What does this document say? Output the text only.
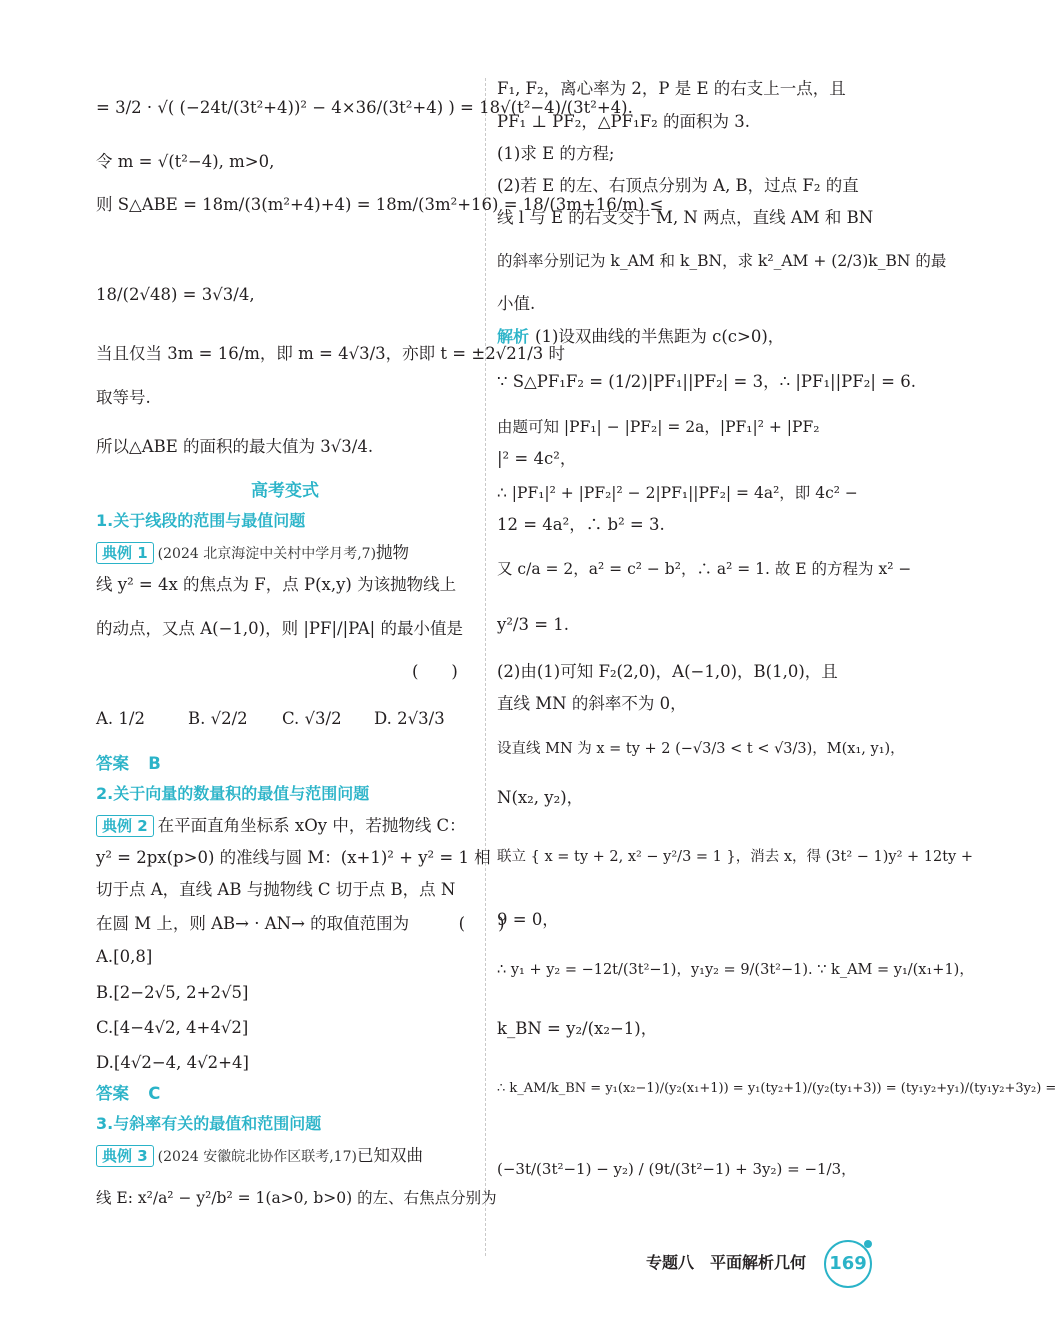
= 3/2 · √( (−24t/(3t²+4))² − 4×36/(3t²+4) ) = 18√(t²−4)/(3t²+4).
令 m = √(t²−4), m>0,
则 S△ABE = 18m/(3(m²+4)+4) = 18m/(3m²+16) = 18/(3m+16/m) ≤
18/(2√48) = 3√3/4,
当且仅当 3m = 16/m，即 m = 4√3/3，亦即 t = ±2√21/3 时
取等号.
所以△ABE 的面积的最大值为 3√3/4.
高考变式
1.关于线段的范围与最值问题
典例 1 (2024 北京海淀中关村中学月考,7)抛物
线 y² = 4x 的焦点为 F，点 P(x,y) 为该抛物线上
的动点，又点 A(−1,0)，则 |PF|/|PA| 的最小值是
(　　)
A. 1/2	B. √2/2 C. √3/2 D. 2√3/3
答案 B
2.关于向量的数量积的最值与范围问题
典例 2 在平面直角坐标系 xOy 中，若抛物线 C：
y² = 2px(p>0) 的准线与圆 M：(x+1)² + y² = 1 相
切于点 A，直线 AB 与抛物线 C 切于点 B，点 N
在圆 M 上，则 AB→ · AN→ 的取值范围为　　　(　　)
A.[0,8]
B.[2−2√5, 2+2√5]
C.[4−4√2, 4+4√2]
D.[4√2−4, 4√2+4]
答案 C
3.与斜率有关的最值和范围问题
典例 3 (2024 安徽皖北协作区联考,17)已知双曲
线 E: x²/a² − y²/b² = 1(a>0, b>0) 的左、右焦点分别为
F₁, F₂，离心率为 2，P 是 E 的右支上一点，且
PF₁ ⊥ PF₂，△PF₁F₂ 的面积为 3.
(1)求 E 的方程;
(2)若 E 的左、右顶点分别为 A, B，过点 F₂ 的直
线 l 与 E 的右支交于 M, N 两点，直线 AM 和 BN
的斜率分别记为 k_AM 和 k_BN，求 k²_AM + (2/3)k_BN 的最
小值.
解析 (1)设双曲线的半焦距为 c(c>0)，
∵ S△PF₁F₂ = (1/2)|PF₁||PF₂| = 3，∴ |PF₁||PF₂| = 6.
由题可知 |PF₁| − |PF₂| = 2a，|PF₁|² + |PF₂
|² = 4c²，
∴ |PF₁|² + |PF₂|² − 2|PF₁||PF₂| = 4a²，即 4c² −
12 = 4a²，∴ b² = 3.
又 c/a = 2，a² = c² − b²，∴ a² = 1. 故 E 的方程为 x² −
y²/3 = 1.
(2)由(1)可知 F₂(2,0)，A(−1,0)，B(1,0)，且
直线 MN 的斜率不为 0，
设直线 MN 为 x = ty + 2 (−√3/3 < t < √3/3)，M(x₁, y₁)，
N(x₂, y₂)，
联立 { x = ty + 2, x² − y²/3 = 1 }，消去 x，得 (3t² − 1)y² + 12ty +
9 = 0，
∴ y₁ + y₂ = −12t/(3t²−1)，y₁y₂ = 9/(3t²−1). ∵ k_AM = y₁/(x₁+1)，
k_BN = y₂/(x₂−1)，
∴ k_AM/k_BN = y₁(x₂−1)/(y₂(x₁+1)) = y₁(ty₂+1)/(y₂(ty₁+3)) = (ty₁y₂+y₁)/(ty₁y₂+3y₂) =
(−3t/(3t²−1) − y₂) / (9t/(3t²−1) + 3y₂) = −1/3，
专题八　平面解析几何 169
